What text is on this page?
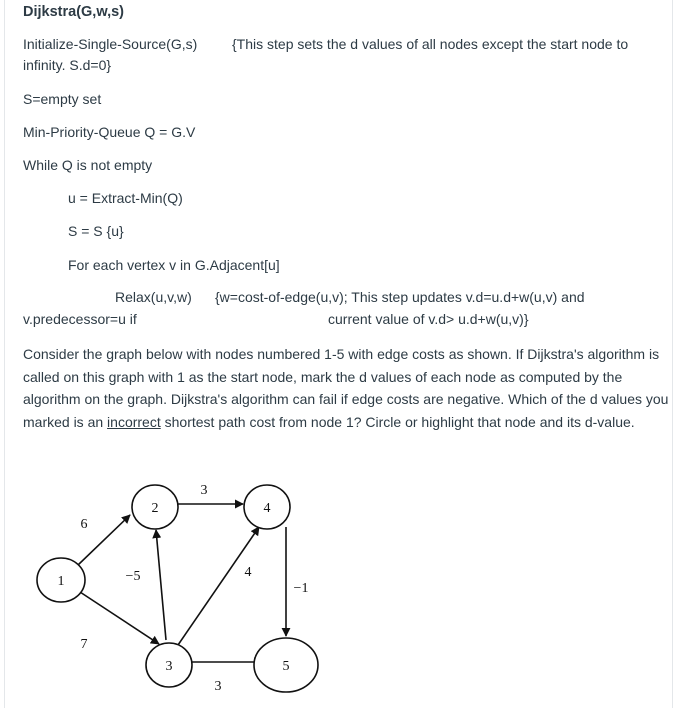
Dijkstra(G,w,s)
Initialize-Single-Source(G,s) {This step sets the d values of all nodes except the start node to
infinity. S.d=0}
S=empty set
Min-Priority-Queue Q = G.V
While Q is not empty
u = Extract-Min(Q)
S = S {u}
For each vertex v in G.Adjacent[u]
Relax(u,v,w) {w=cost-of-edge(u,v); This step updates v.d=u.d+w(u,v) and
v.predecessor=u if	current value of v.d> u.d+w(u,v)}
Consider the graph below with nodes numbered 1-5 with edge costs as shown. If Dijkstra's algorithm is called on this graph with 1 as the start node, mark the d values of each node as computed by the algorithm on the graph. Dijkstra's algorithm can fail if edge costs are negative. Which of the d values you marked is an incorrect shortest path cost from node 1? Circle or highlight that node and its d-value.
1
2
3
4
5
6
7
3
−5	4
3
−1
